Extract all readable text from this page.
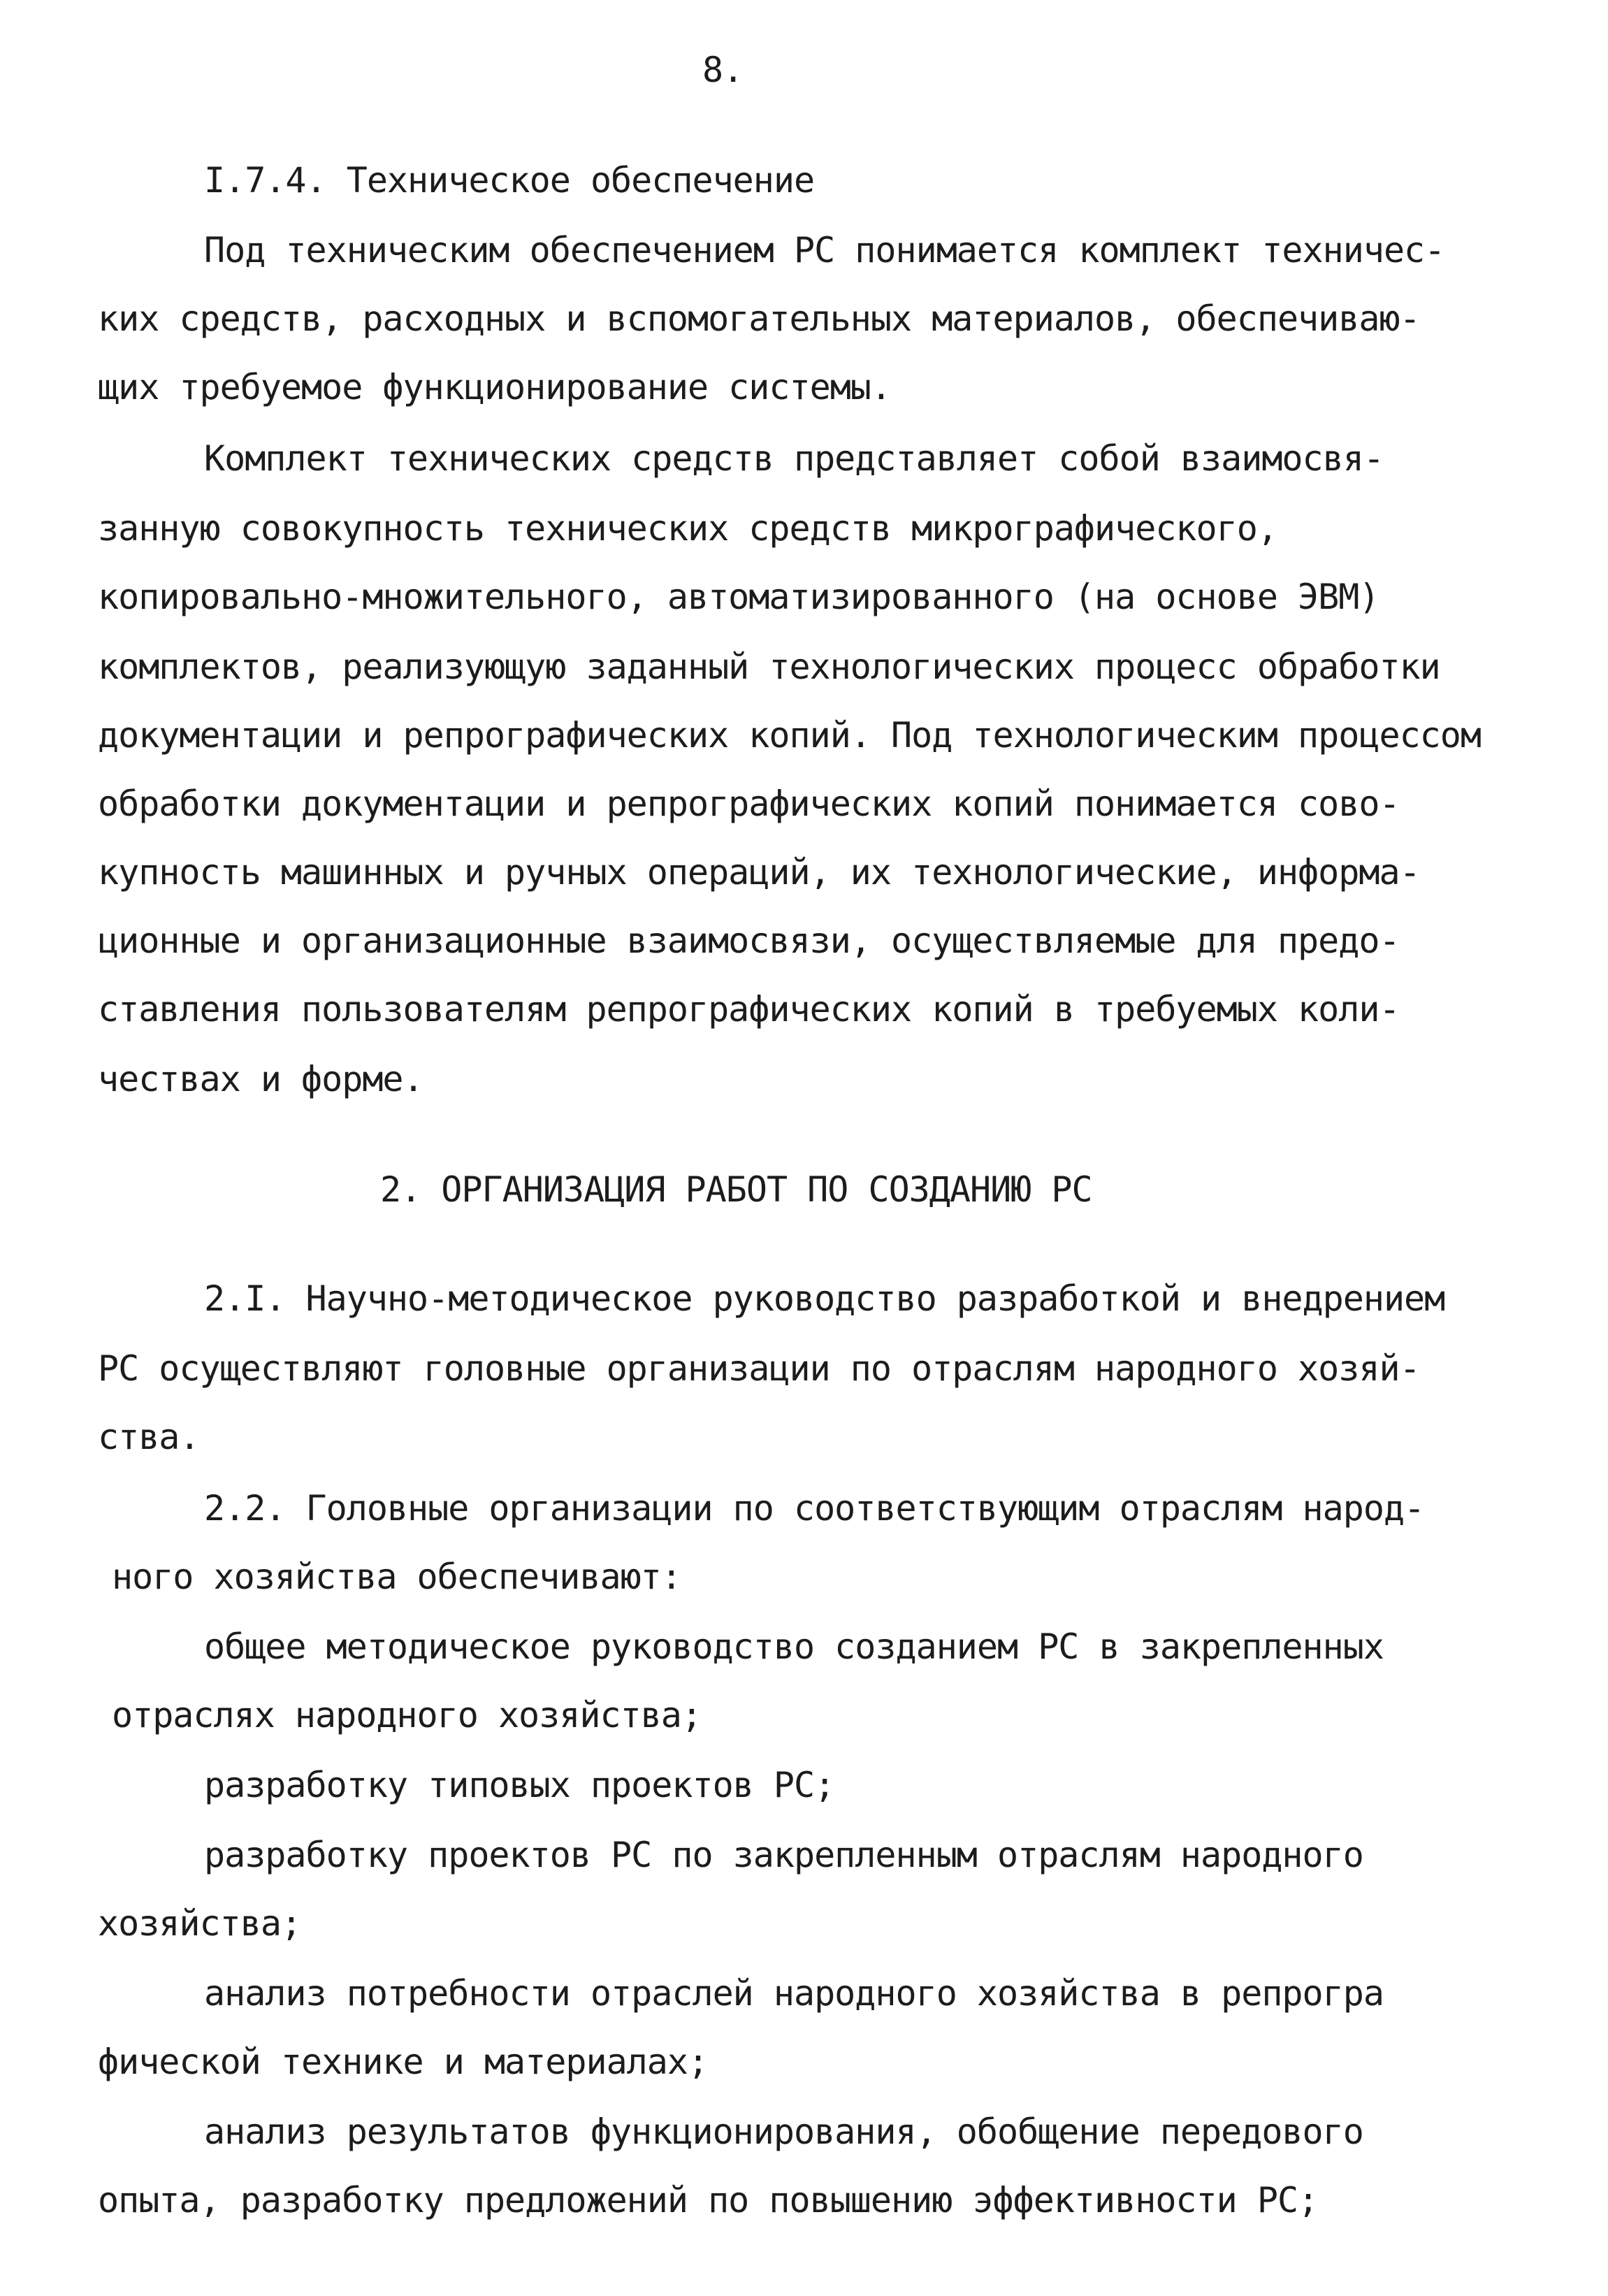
8.
I.7.4. Техническое обеспечение
Под техническим обеспечением РС понимается комплект техничес-
ких средств, расходных и вспомогательных материалов, обеспечиваю-
щих требуемое функционирование системы.
Комплект технических средств представляет собой взаимосвя-
занную совокупность технических средств микрографического,
копировально-множительного, автоматизированного (на основе ЭВМ)
комплектов, реализующую заданный технологических процесс обработки
документации и репрографических копий. Под технологическим процессом
обработки документации и репрографических копий понимается сово-
купность машинных и ручных операций, их технологические, информа-
ционные и организационные взаимосвязи, осуществляемые для предо-
ставления пользователям репрографических копий в требуемых коли-
чествах и форме.
2. ОРГАНИЗАЦИЯ РАБОТ ПО СОЗДАНИЮ РС
2.I. Научно-методическое руководство разработкой и внедрением
РС осуществляют головные организации по отраслям народного хозяй-
ства.
2.2. Головные организации по соответствующим отраслям народ-
ного хозяйства обеспечивают:
общее методическое руководство созданием РС в закрепленных
отраслях народного хозяйства;
разработку типовых проектов РС;
разработку проектов РС по закрепленным отраслям народного
хозяйства;
анализ потребности отраслей народного хозяйства в репрогра
фической технике и материалах;
анализ результатов функционирования, обобщение передового
опыта, разработку предложений по повышению эффективности РС;
